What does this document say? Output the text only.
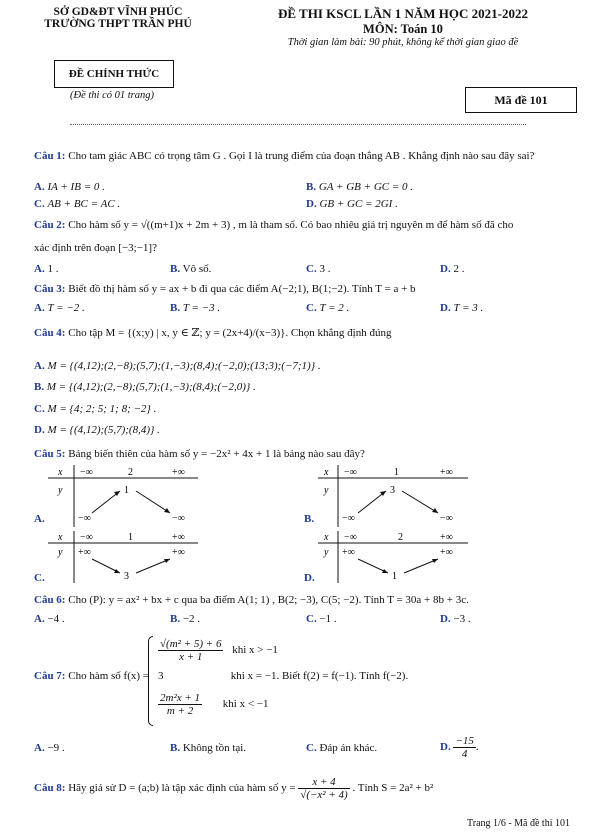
SỞ GD&ĐT VĨNH PHÚC
TRƯỜNG THPT TRẦN PHÚ
ĐỀ CHÍNH THỨC
(Đề thi có 01 trang)
ĐỀ THI KSCL LẦN 1 NĂM HỌC 2021-2022
MÔN: Toán 10
Thời gian làm bài: 90 phút, không kể thời gian giao đề
Mã đề 101
Câu 1: Cho tam giác ABC có trọng tâm G . Gọi I là trung điểm của đoạn thẳng AB . Khẳng định nào sau đây sai?
A. IA + IB = 0 .	B. GA + GB + GC = 0 .
C. AB + BC = AC .	D. GB + GC = 2GI .
Câu 2: Cho hàm số y = √((m+1)x + 2m + 3) , m là tham số. Có bao nhiêu giá trị nguyên m để hàm số đã cho
xác định trên đoạn [−3;−1]?
A. 1 .	B. Vô số.	C. 3 .	D. 2 .
Câu 3: Biết đồ thị hàm số y = ax + b đi qua các điểm A(−2;1), B(1;−2). Tính T = a + b
A. T = −2 .	B. T = −3 .	C. T = 2 .	D. T = 3 .
Câu 4: Cho tập M = {(x;y) | x, y ∈ ℤ; y = (2x+4)/(x−3)}. Chọn khẳng định đúng
A. M = {(4,12);(2,−8);(5,7);(1,−3);(8,4);(−2,0);(13;3);(−7;1)} .
B. M = {(4,12);(2,−8);(5,7);(1,−3);(8,4);(−2,0)} .
C. M = {4; 2; 5; 1; 8; −2} .
D. M = {(4,12);(5,7);(8,4)} .
Câu 5: Bảng biến thiên của hàm số y = −2x² + 4x + 1 là bảng nào sau đây?
x
y
−∞	2	+∞
1
−∞	−∞
A.
x
y
−∞	1	+∞
3
−∞	−∞
B.
x
y
−∞	1	+∞
+∞	+∞
3
C.
x
y
−∞	2	+∞
+∞	+∞
1
D.
Câu 6: Cho (P): y = ax² + bx + c qua ba điểm A(1; 1) , B(2; −3), C(5; −2). Tính T = 30a + 8b + 3c.
A. −4 .	B. −2 .	C. −1 .	D. −3 .
Câu 7: Cho hàm số f(x) =
$\frac{\text{√(m² + 5) + 6}}{x + 1}$ khi x > −1
3	khi x = −1. Biết f(2) = f(−1). Tính f(−2).
$\frac{\text{2m²x + 1}}{m + 2}$ khi x < −1
A. −9 .	B. Không tồn tại.	C. Đáp án khác.	D. $\frac{-15}{4}$ .
Câu 8: Hãy giả sử D = (a;b) là tập xác định của hàm số $y = \frac{x + 4}{\text{√(−x² + 4)}}$ . Tính S = 2a² + b²
Trang 1/6 - Mã đề thi 101
